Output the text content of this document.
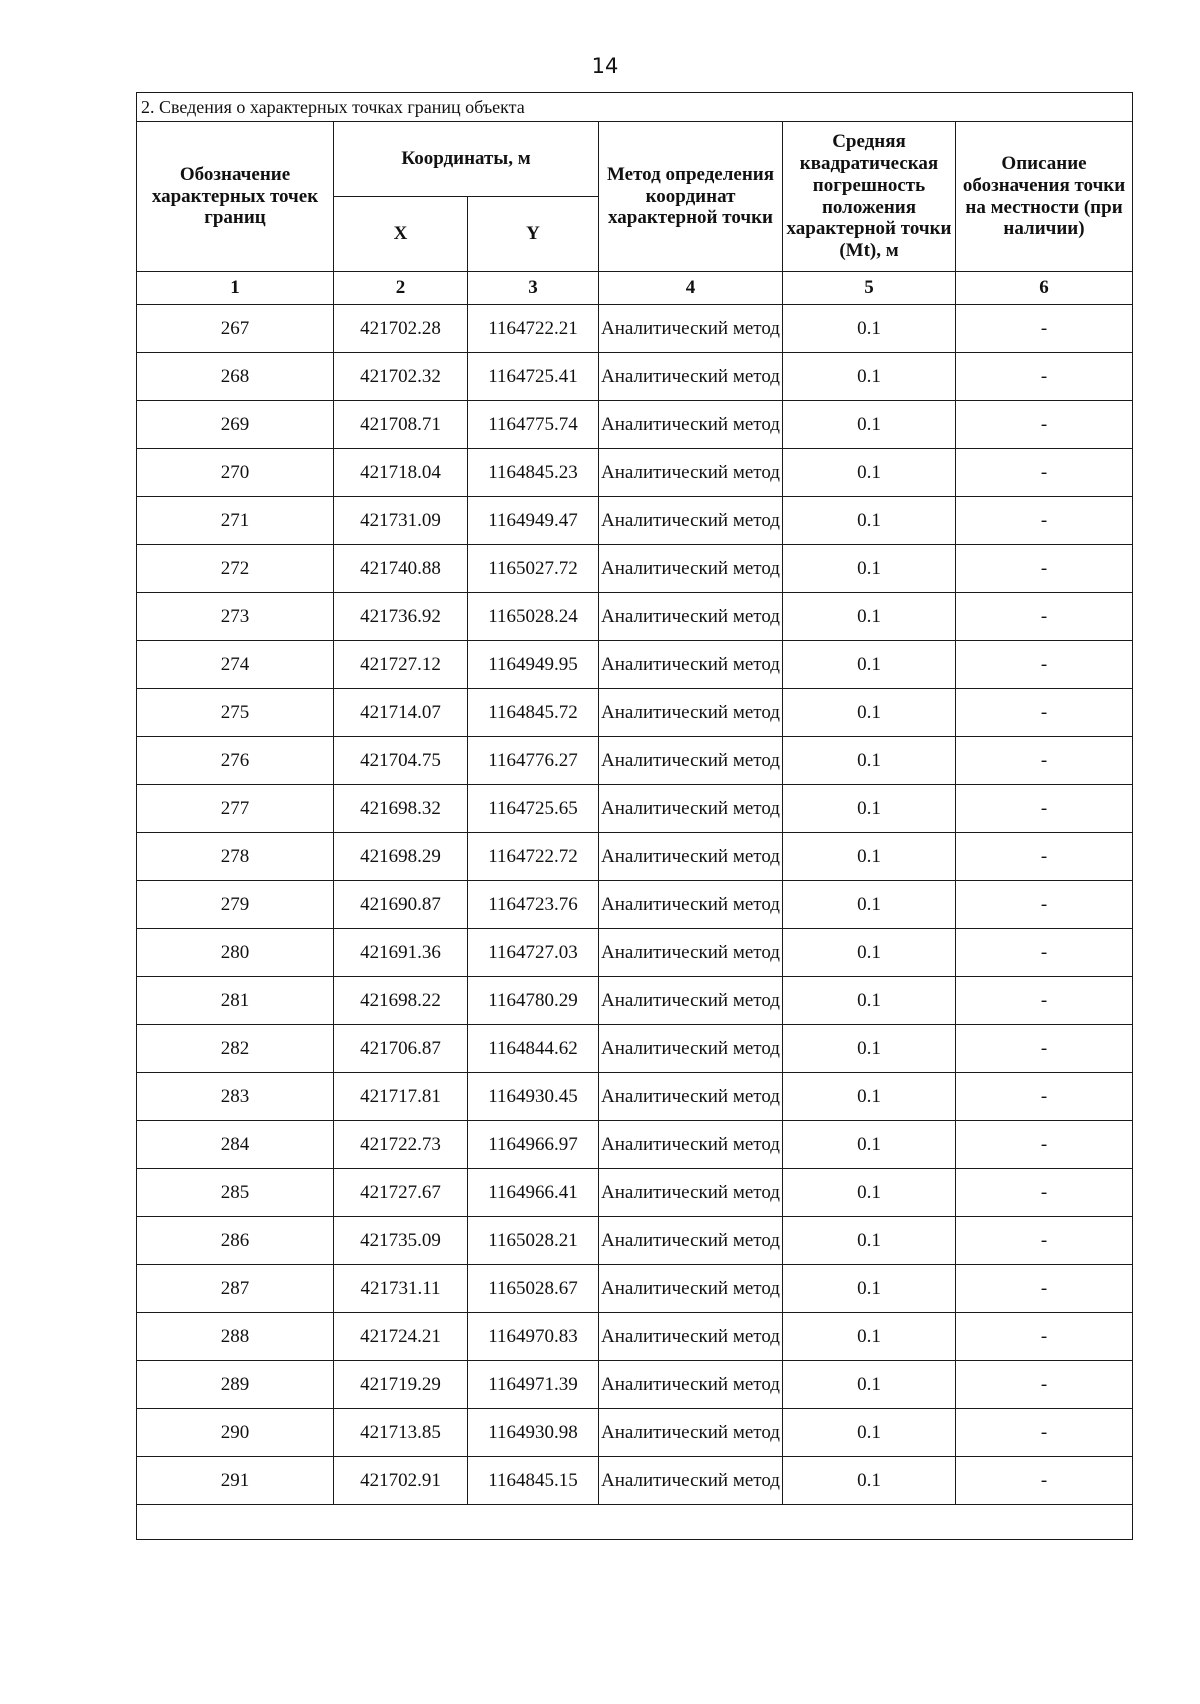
14
2. Сведения о характерных точках границ объекта					
Обозначение характерных точек границ	Координаты, м		Метод определения координат характерной точки	Средняя квадратическая погрешность положения характерной точки (Mt), м	Описание обозначения точки на местности (при наличии)
	X	Y			
1	2	3	4	5	6
267	421702.28	1164722.21	Аналитический метод	0.1	-
268	421702.32	1164725.41	Аналитический метод	0.1	-
269	421708.71	1164775.74	Аналитический метод	0.1	-
270	421718.04	1164845.23	Аналитический метод	0.1	-
271	421731.09	1164949.47	Аналитический метод	0.1	-
272	421740.88	1165027.72	Аналитический метод	0.1	-
273	421736.92	1165028.24	Аналитический метод	0.1	-
274	421727.12	1164949.95	Аналитический метод	0.1	-
275	421714.07	1164845.72	Аналитический метод	0.1	-
276	421704.75	1164776.27	Аналитический метод	0.1	-
277	421698.32	1164725.65	Аналитический метод	0.1	-
278	421698.29	1164722.72	Аналитический метод	0.1	-
279	421690.87	1164723.76	Аналитический метод	0.1	-
280	421691.36	1164727.03	Аналитический метод	0.1	-
281	421698.22	1164780.29	Аналитический метод	0.1	-
282	421706.87	1164844.62	Аналитический метод	0.1	-
283	421717.81	1164930.45	Аналитический метод	0.1	-
284	421722.73	1164966.97	Аналитический метод	0.1	-
285	421727.67	1164966.41	Аналитический метод	0.1	-
286	421735.09	1165028.21	Аналитический метод	0.1	-
287	421731.11	1165028.67	Аналитический метод	0.1	-
288	421724.21	1164970.83	Аналитический метод	0.1	-
289	421719.29	1164971.39	Аналитический метод	0.1	-
290	421713.85	1164930.98	Аналитический метод	0.1	-
291	421702.91	1164845.15	Аналитический метод	0.1	-
